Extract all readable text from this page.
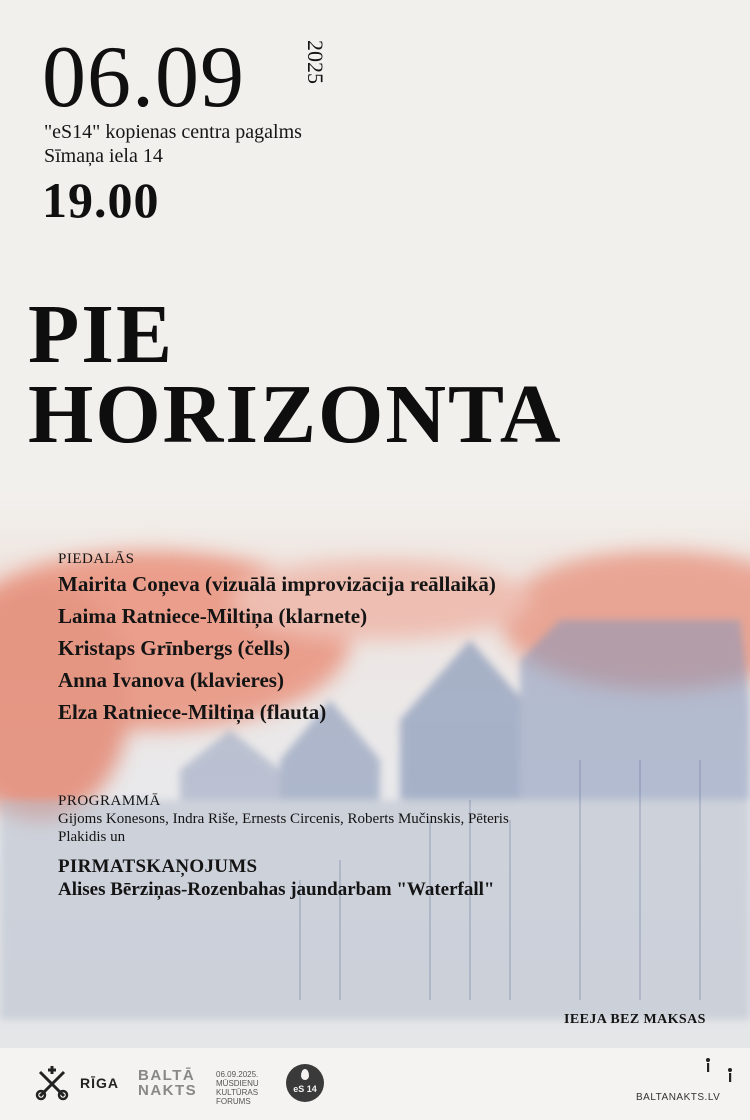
06.09	2025
"eS14" kopienas centra pagalms
Sīmaņa iela 14
19.00
PIE
HORIZONTA
PIEDALĀS
Mairita Coņeva (vizuālā improvizācija reāllaikā)
Laima Ratniece-Miltiņa (klarnete)
Kristaps Grīnbergs (čells)
Anna Ivanova (klavieres)
Elza Ratniece-Miltiņa (flauta)
PROGRAMMĀ
Gijoms Konesons, Indra Riše, Ernests Circenis, Roberts Mučinskis, Pēteris Plakidis un
PIRMATSKAŅOJUMS
Alises Bērziņas-Rozenbahas jaundarbam "Waterfall"
IEEJA BEZ MAKSAS
RĪGA BALTĀ
NAKTS
06.09.2025.
MŪSDIENU
KULTŪRAS
FORUMS
eS 14
BALTANAKTS.LV
